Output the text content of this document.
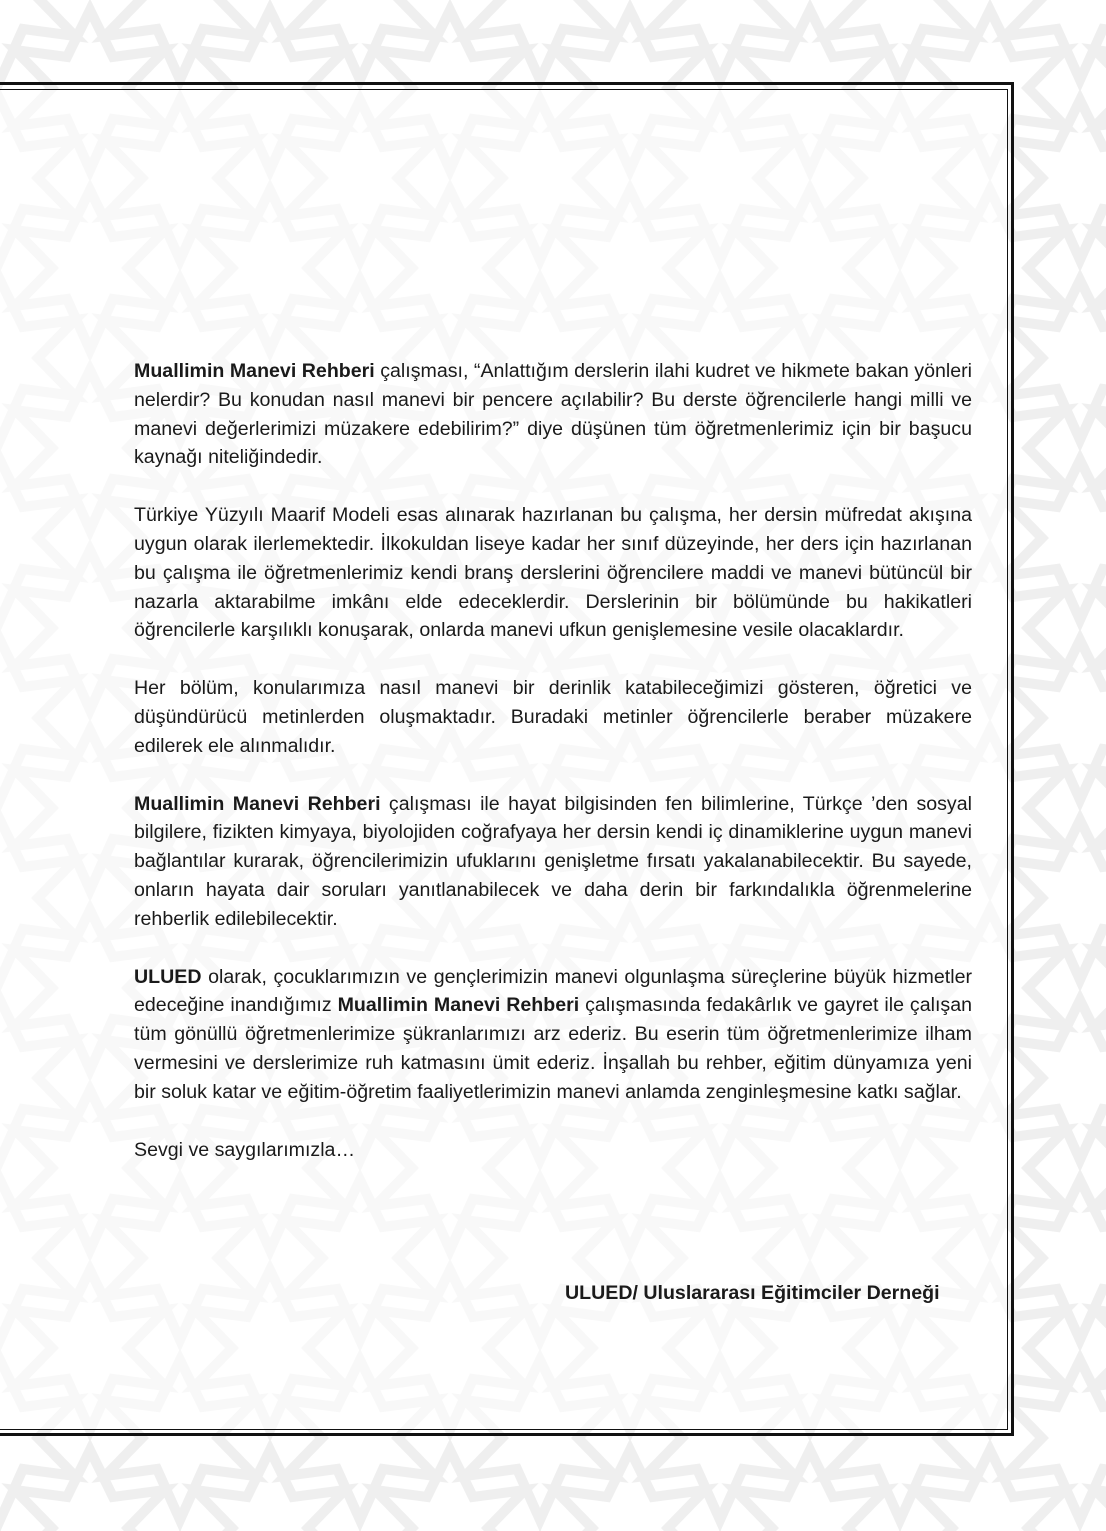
Muallimin Manevi Rehberi çalışması, “Anlattığım derslerin ilahi kudret ve hikmete bakan yönleri nelerdir? Bu konudan nasıl manevi bir pencere açılabilir? Bu derste öğrencilerle hangi milli ve manevi değerlerimizi müzakere edebilirim?” diye düşünen tüm öğretmenlerimiz için bir başucu kaynağı niteliğindedir.

Türkiye Yüzyılı Maarif Modeli esas alınarak hazırlanan bu çalışma, her dersin müfredat akışına uygun olarak ilerlemektedir. İlkokuldan liseye kadar her sınıf düzeyinde, her ders için hazırlanan bu çalışma ile öğretmenlerimiz kendi branş derslerini öğrencilere maddi ve manevi bütüncül bir nazarla aktarabilme imkânı elde edeceklerdir. Derslerinin bir bölümünde bu hakikatleri öğrencilerle karşılıklı konuşarak, onlarda manevi ufkun genişlemesine vesile olacaklardır.

Her bölüm, konularımıza nasıl manevi bir derinlik katabileceğimizi gösteren, öğretici ve düşündürücü metinlerden oluşmaktadır. Buradaki metinler öğrencilerle beraber müzakere edilerek ele alınmalıdır.

Muallimin Manevi Rehberi çalışması ile hayat bilgisinden fen bilimlerine, Türkçe ’den sosyal bilgilere, fizikten kimyaya, biyolojiden coğrafyaya her dersin kendi iç dinamiklerine uygun manevi bağlantılar kurarak, öğrencilerimizin ufuklarını genişletme fırsatı yakalanabilecektir. Bu sayede, onların hayata dair soruları yanıtlanabilecek ve daha derin bir farkındalıkla öğrenmelerine rehberlik edilebilecektir.

ULUED olarak, çocuklarımızın ve gençlerimizin manevi olgunlaşma süreçlerine büyük hizmetler edeceğine inandığımız Muallimin Manevi Rehberi çalışmasında fedakârlık ve gayret ile çalışan tüm gönüllü öğretmenlerimize şükranlarımızı arz ederiz. Bu eserin tüm öğretmenlerimize ilham vermesini ve derslerimize ruh katmasını ümit ederiz. İnşallah bu rehber, eğitim dünyamıza yeni bir soluk katar ve eğitim-öğretim faaliyetlerimizin manevi anlamda zenginleşmesine katkı sağlar.

Sevgi ve saygılarımızla…

ULUED/ Uluslararası Eğitimciler Derneği
